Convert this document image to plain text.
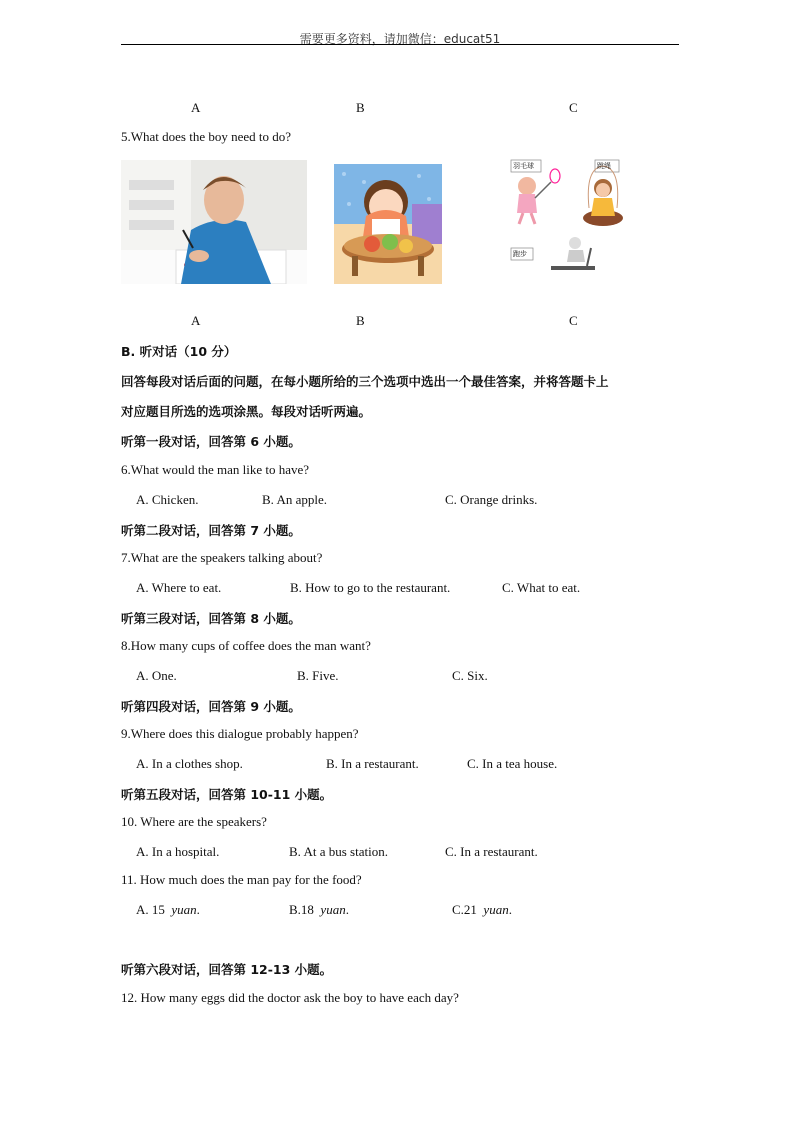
需要更多资料，请加微信：educat51
A	B	C
5.What does the boy need to do?
羽毛球	跳绳
跑步
A	B	C
B. 听对话（10 分）
回答每段对话后面的问题，在每小题所给的三个选项中选出一个最佳答案，并将答题卡上
对应题目所选的选项涂黑。每段对话听两遍。
听第一段对话，回答第 6 小题。
6.What would the man like to have?
A. Chicken.	B. An apple.	C. Orange drinks.
听第二段对话，回答第 7 小题。
7.What are the speakers talking about?
A. Where to eat.	B. How to go to the restaurant.	C. What to eat.
听第三段对话，回答第 8 小题。
8.How many cups of coffee does the man want?
A. One.	B. Five.	C. Six.
听第四段对话，回答第 9 小题。
9.Where does this dialogue probably happen?
A. In a clothes shop.	B. In a restaurant.	C. In a tea house.
听第五段对话，回答第 10-11 小题。
10. Where are the speakers?
A. In a hospital.	B. At a bus station.	C. In a restaurant.
11. How much does the man pay for the food?
A. 15  yuan.	B.18  yuan.	C.21  yuan.
听第六段对话，回答第 12-13 小题。
12. How many eggs did the doctor ask the boy to have each day?
